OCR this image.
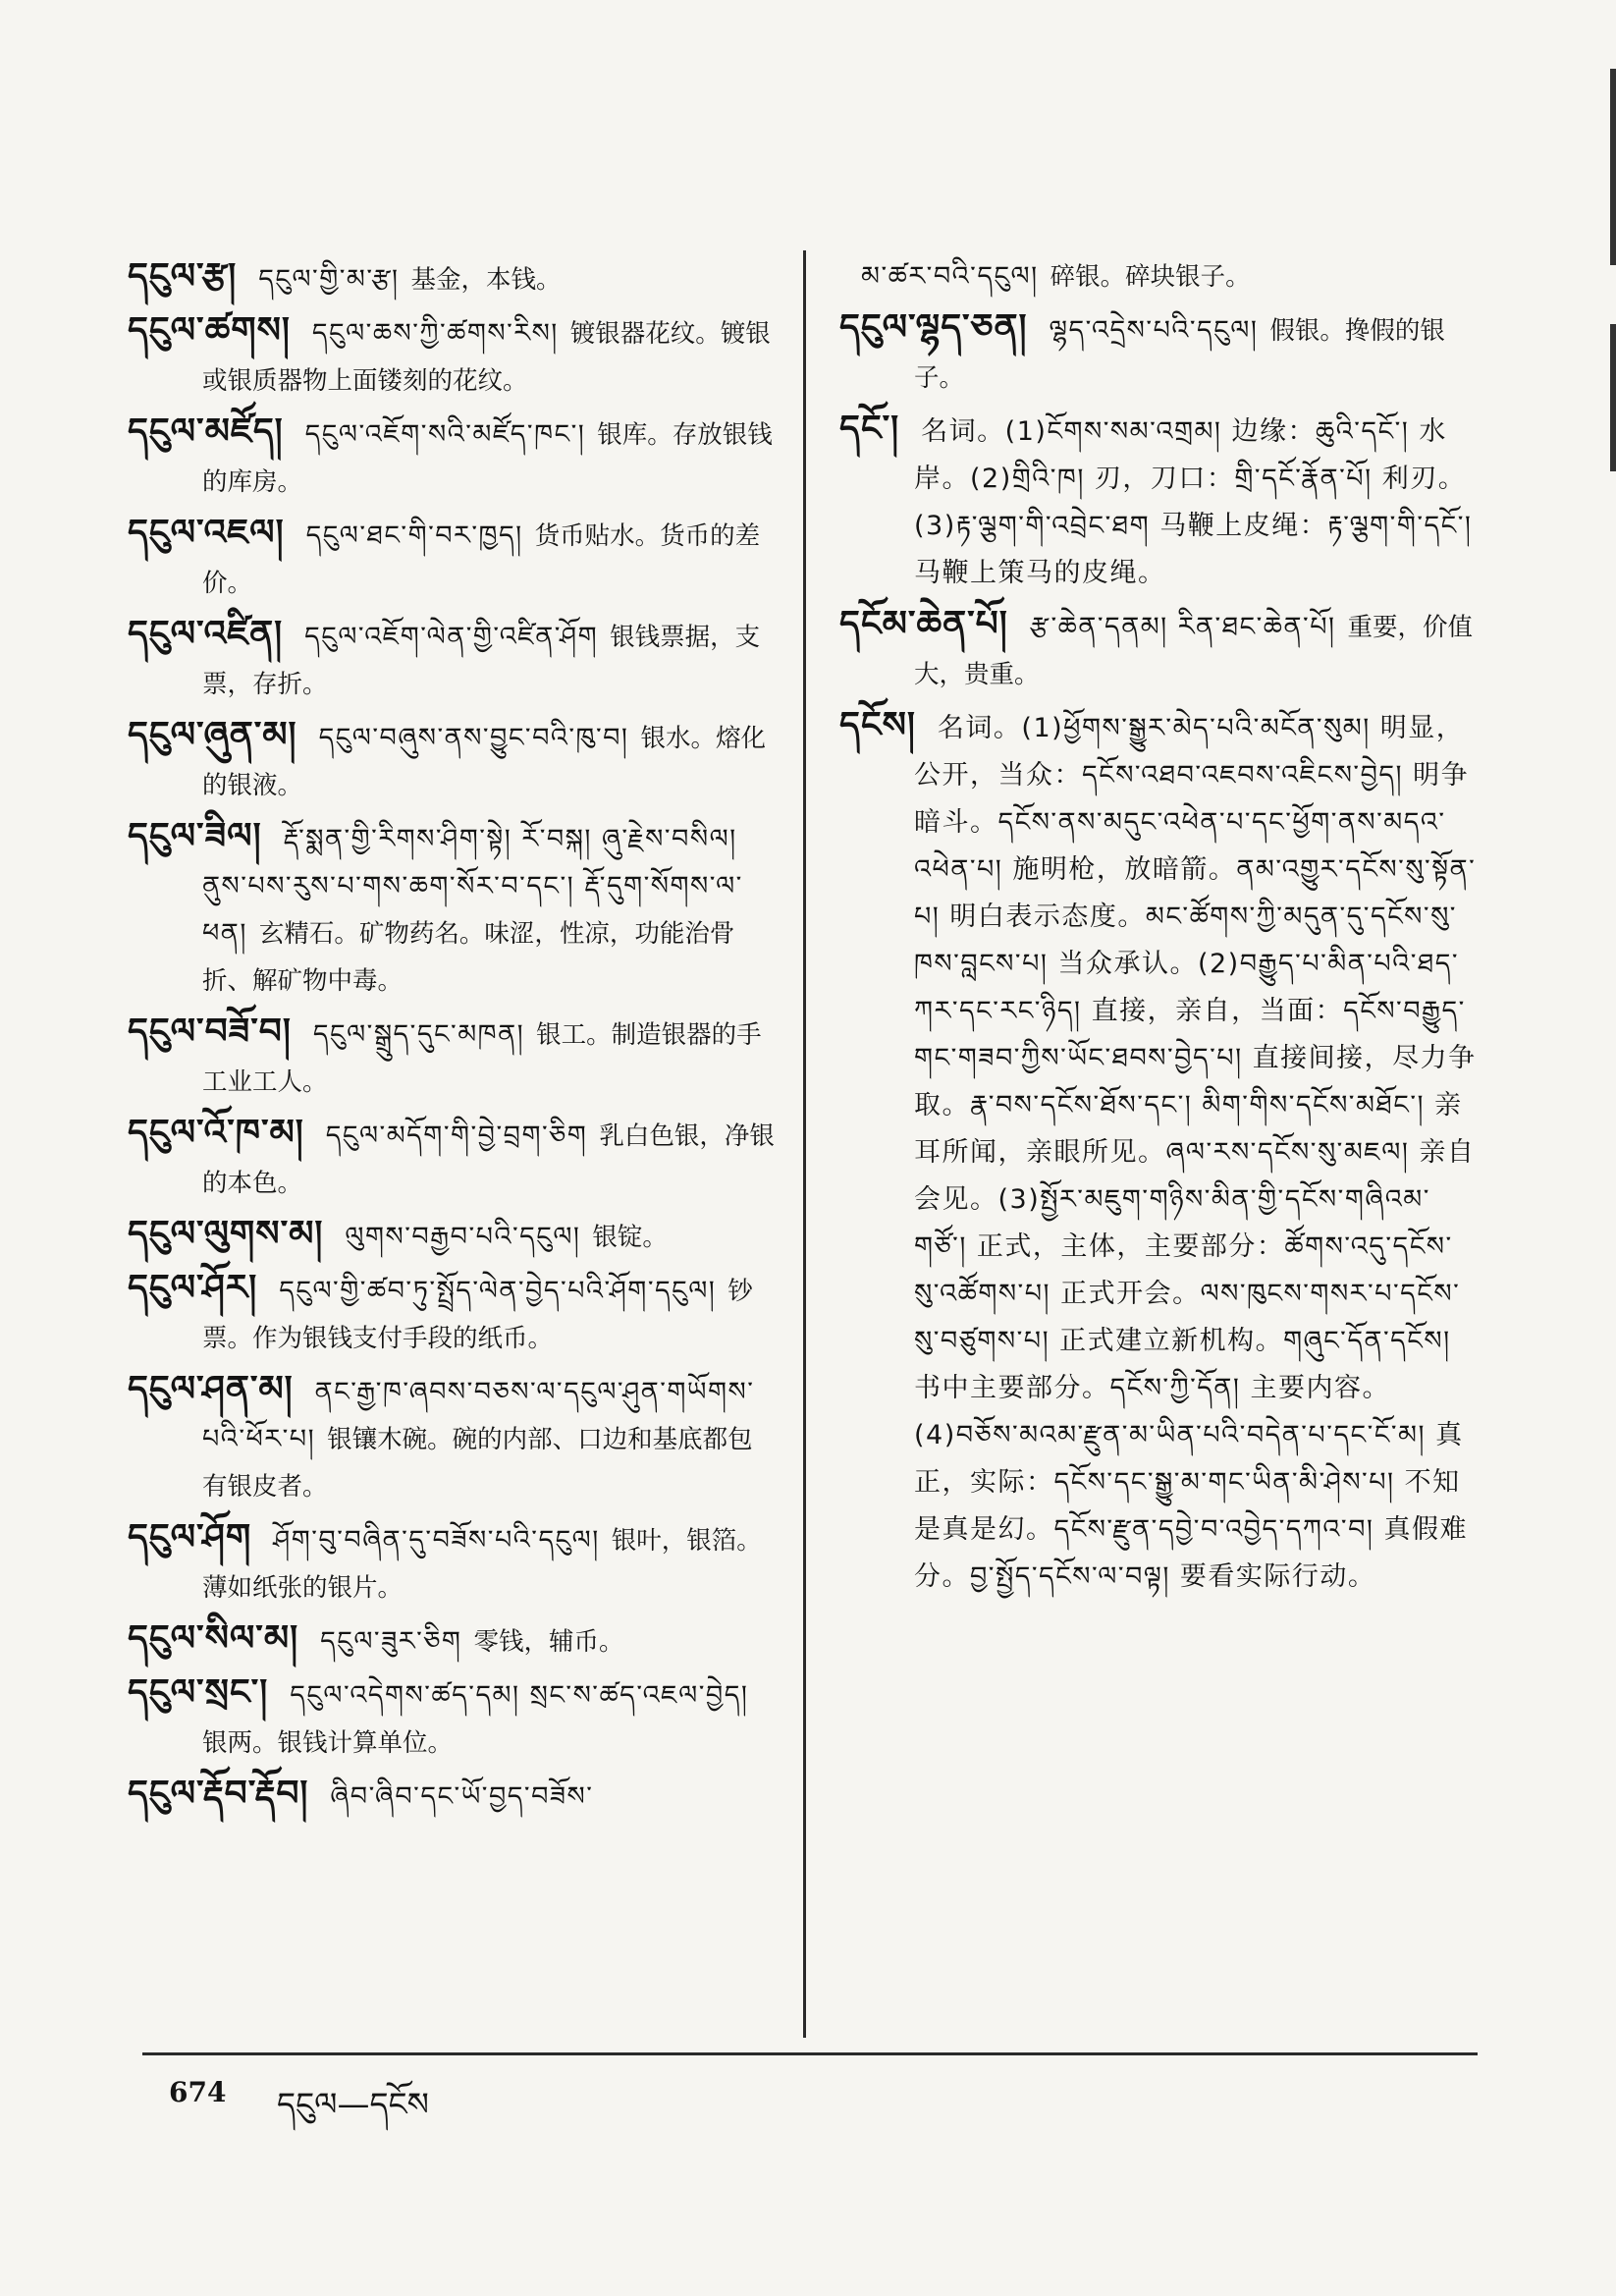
དངུལ་རྩ། དངུལ་གྱི་མ་རྩ། 基金，本钱。

དངུལ་ཚགས། དངུལ་ཆས་ཀྱི་ཚགས་རིས། 镀银器花纹。镀银或银质器物上面镂刻的花纹。

དངུལ་མཛོད། དངུལ་འཇོག་སའི་མཛོད་ཁང་། 银库。存放银钱的库房。

དངུལ་འཇལ། དངུལ་ཐང་གི་བར་ཁྱད། 货币贴水。货币的差价。

དངུལ་འཛིན། དངུལ་འཇོག་ལེན་གྱི་འཛིན་ཤོག 银钱票据，支票，存折。

དངུལ་ཞུན་མ། དངུལ་བཞུས་ནས་བྱུང་བའི་ཁུ་བ། 银水。熔化的银液。

དངུལ་ཟིལ། རྡོ་སྨན་གྱི་རིགས་ཤིག་སྟེ། རོ་བསྐ། ཞུ་རྗེས་བསིལ། ནུས་པས་རུས་པ་གས་ཆག་སོར་བ་དང་། རྡོ་དུག་སོགས་ལ་ཕན། 玄精石。矿物药名。味涩，性凉，功能治骨折、解矿物中毒。

དངུལ་བཟོ་བ། དངུལ་སྒྲུད་དུང་མཁན། 银工。制造银器的手工业工人。

དངུལ་འོ་ཁ་མ། དངུལ་མདོག་གི་བྱེ་བྲག་ཅིག 乳白色银，净银的本色。

དངུལ་ལུགས་མ། ལུགས་བརྒྱབ་པའི་དངུལ། 银锭。

དངུལ་ཤོར། དངུལ་གྱི་ཚབ་ཏུ་སྤྲོད་ལེན་བྱེད་པའི་ཤོག་དངུལ། 钞票。作为银钱支付手段的纸币。

དངུལ་ཤན་མ། ནང་རྒྱ་ཁ་ཞབས་བཅས་ལ་དངུལ་ཤུན་གཡོགས་པའི་ཕོར་པ། 银镶木碗。碗的内部、口边和基底都包有银皮者。

དངུལ་ཤོག ཤོག་བུ་བཞིན་དུ་བཟོས་པའི་དངུལ། 银叶，银箔。薄如纸张的银片。

དངུལ་སིལ་མ། དངུལ་ཟུར་ཅིག 零钱，辅币。

དངུལ་སྲང་། དངུལ་འདེགས་ཚད་དམ། སྲང་ས་ཚད་འཇལ་བྱེད།银两。银钱计算单位。

དངུལ་རྡོབ་རྡོབ། ཞིབ་ཞིབ་དང་ཡོ་བྱད་བཟོས་

མ་ཚར་བའི་དངུལ། 碎银。碎块银子。

དངུལ་ལྷད་ཅན། ལྷད་འདྲེས་པའི་དངུལ། 假银。搀假的银子。

དངོ་། 名词。(1)ངོགས་སམ་འགྲམ། 边缘：ཆུའི་དངོ་། 水岸。(2)གྲིའི་ཁ། 刃，刀口：གྲི་དངོ་རྣོན་པོ། 利刃。(3)རྟ་ལྕག་གི་འབྲེང་ཐག 马鞭上皮绳：རྟ་ལྕག་གི་དངོ་། 马鞭上策马的皮绳。

དངོམ་ཆེན་པོ། རྩ་ཆེན་དནམ། རིན་ཐང་ཆེན་པོ། 重要，价值大，贵重。

དངོས། 名词。(1)ཕྱོགས་སྒྱུར་མེད་པའི་མངོན་སུམ། 明显，公开，当众：དངོས་འཐབ་འཇབས་འཇིངས་བྱེད། 明争暗斗。དངོས་ནས་མདུང་འཕེན་པ་དང་ཕྱོག་ནས་མདའ་འཕེན་པ། 施明枪，放暗箭。ནམ་འགྱུར་དངོས་སུ་སྟོན་པ། 明白表示态度。མང་ཚོགས་ཀྱི་མདུན་དུ་དངོས་སུ་ཁས་བླངས་པ། 当众承认。(2)བརྒྱུད་པ་མིན་པའི་ཐད་ཀར་དང་རང་ཉིད། 直接，亲自，当面：དངོས་བརྒྱུད་གང་གཟབ་ཀྱིས་ཡོང་ཐབས་བྱེད་པ། 直接间接，尽力争取。རྣ་བས་དངོས་ཐོས་དང་། མིག་གིས་དངོས་མཐོང་། 亲耳所闻，亲眼所见。ཞལ་རས་དངོས་སུ་མཇལ། 亲自会见。(3)སྤྱོར་མཇུག་གཉིས་མིན་གྱི་དངོས་གཞིའམ་གཙོ་། 正式，主体，主要部分：ཚོགས་འདུ་དངོས་སུ་འཚོགས་པ། 正式开会。ལས་ཁུངས་གསར་པ་དངོས་སུ་བཙུགས་པ། 正式建立新机构。གཞུང་དོན་དངོས། 书中主要部分。དངོས་ཀྱི་དོན། 主要内容。(4)བཅོས་མའམ་རྫུན་མ་ཡིན་པའི་བདེན་པ་དང་ངོ་མ། 真正，实际：དངོས་དང་སྒྱུ་མ་གང་ཡིན་མི་ཤེས་པ། 不知是真是幻。དངོས་རྫུན་དབྱེ་བ་འབྱེད་དཀའ་བ། 真假难分。བྱ་སྤྱོད་དངོས་ལ་བལྟ། 要看实际行动。

674 དངུལ—དངོས
